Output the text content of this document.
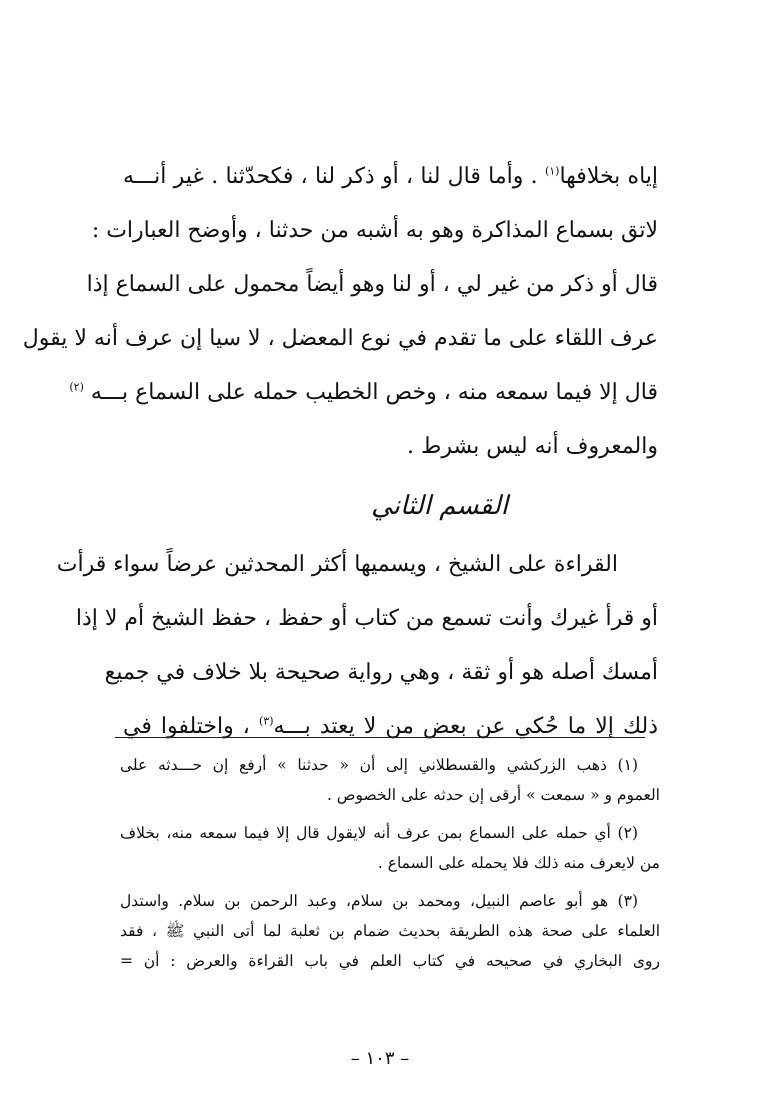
إياه بخلافها$^{(١)}$ . وأما قال لنا ، أو ذكر لنا ، فكحدّثنا . غير أنـــه
لاتق بسماع المذاكرة وهو به أشبه من حدثنا ، وأوضح العبارات :
قال أو ذكر من غير لي ، أو لنا وهو أيضاً محمول على السماع إذا
عرف اللقاء على ما تقدم في نوع المعضل ، لا سيا إن عرف أنه لا يقول
قال إلا فيما سمعه منه ، وخص الخطيب حمله على السماع بـــه $^{(٢)}$
والمعروف أنه ليس بشرط .
القسم الثاني
القراءة على الشيخ ، ويسميها أكثر المحدثين عرضاً سواء قرأت
أو قرأ غيرك وأنت تسمع من كتاب أو حفظ ، حفظ الشيخ أم لا إذا
أمسك أصله هو أو ثقة ، وهي رواية صحيحة بلا خلاف في جميع
ذلك إلا ما حُكي عن بعض من لا يعتد بـــه$^{(٣)}$ ، واختلفوا في
(١) ذهب الزركشي والقسطلاني إلى أن « حدثنا » أرفع إن حـــدثه على
العموم و « سمعت » أرقى إن حدثه على الخصوص .
(٢) أي حمله على السماع بمن عرف أنه لايقول قال إلا فيما سمعه منه، بخلاف
من لايعرف منه ذلك فلا يحمله على السماع .
(٣) هو أبو عاصم النبيل، ومحمد بن سلام، وعبد الرحمن بن سلام. واستدل
العلماء على صحة هذه الطريقة بحديث ضمام بن ثعلبة لما أتى النبي ﷺ ، فقد
روى البخاري في صحيحه في كتاب العلم في باب القراءة والعرض : أن =
– ١٠٣ –
